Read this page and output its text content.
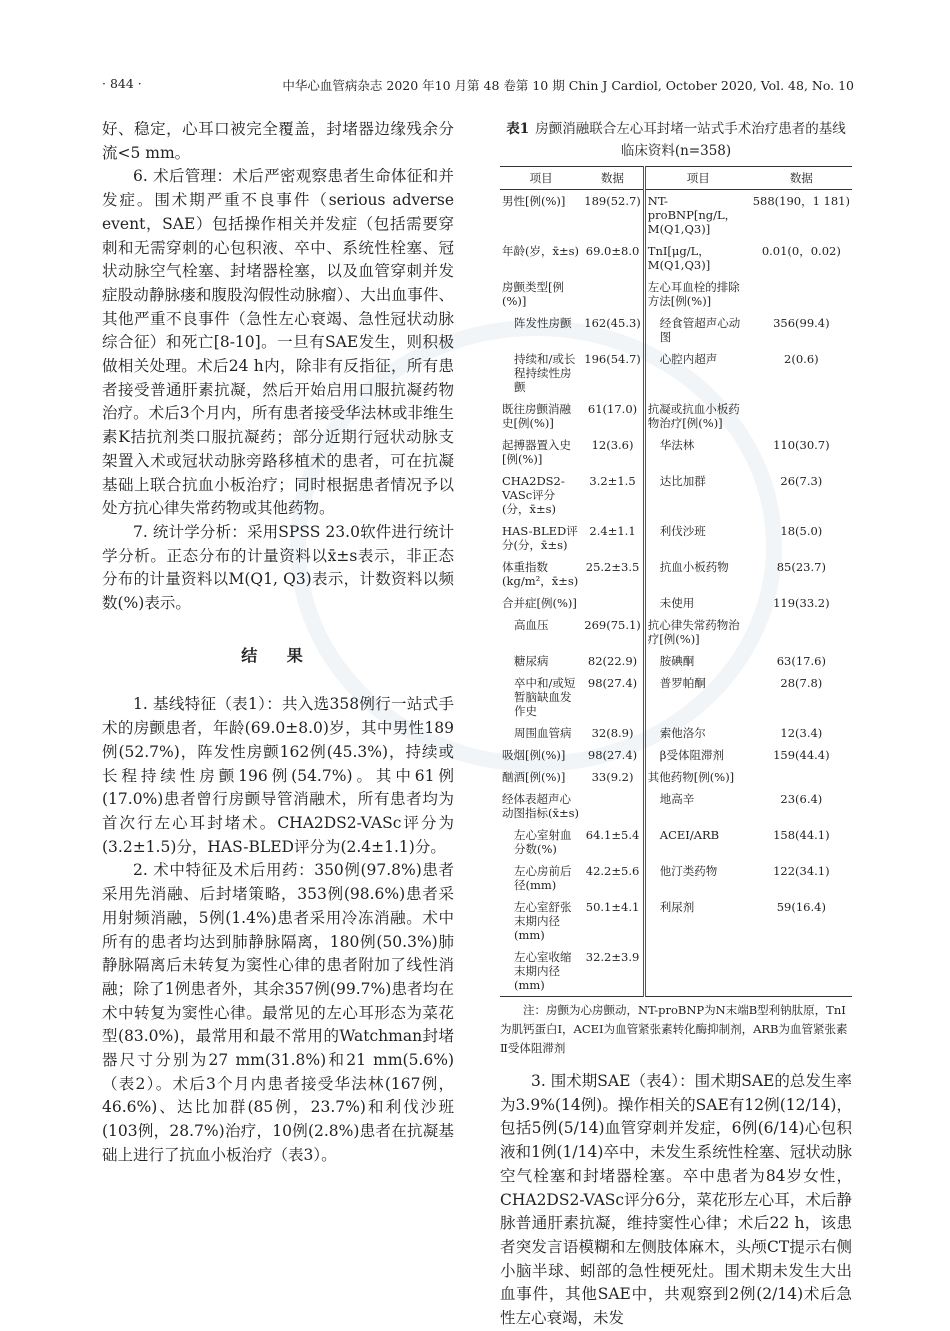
· 844 ·	中华心血管病杂志 2020 年10 月第 48 卷第 10 期 Chin J Cardiol, October 2020, Vol. 48, No. 10

好、稳定，心耳口被完全覆盖，封堵器边缘残余分流<5 mm。

6. 术后管理：术后严密观察患者生命体征和并发症。围术期严重不良事件（serious adverse event，SAE）包括操作相关并发症（包括需要穿刺和无需穿刺的心包积液、卒中、系统性栓塞、冠状动脉空气栓塞、封堵器栓塞，以及血管穿刺并发症股动静脉瘘和腹股沟假性动脉瘤）、大出血事件、其他严重不良事件（急性左心衰竭、急性冠状动脉综合征）和死亡[8-10]。一旦有SAE发生，则积极做相关处理。术后24 h内，除非有反指征，所有患者接受普通肝素抗凝，然后开始启用口服抗凝药物治疗。术后3个月内，所有患者接受华法林或非维生素K拮抗剂类口服抗凝药；部分近期行冠状动脉支架置入术或冠状动脉旁路移植术的患者，可在抗凝基础上联合抗血小板治疗；同时根据患者情况予以处方抗心律失常药物或其他药物。

7. 统计学分析：采用SPSS 23.0软件进行统计学分析。正态分布的计量资料以x̄±s表示，非正态分布的计量资料以M(Q1, Q3)表示，计数资料以频数(%)表示。

结 果

1. 基线特征（表1）：共入选358例行一站式手术的房颤患者，年龄(69.0±8.0)岁，其中男性189例(52.7%)，阵发性房颤162例(45.3%)，持续或长程持续性房颤196例(54.7%)。其中61例(17.0%)患者曾行房颤导管消融术，所有患者均为首次行左心耳封堵术。CHA2DS2-VASc评分为(3.2±1.5)分，HAS-BLED评分为(2.4±1.1)分。

2. 术中特征及术后用药：350例(97.8%)患者采用先消融、后封堵策略，353例(98.6%)患者采用射频消融，5例(1.4%)患者采用冷冻消融。术中所有的患者均达到肺静脉隔离，180例(50.3%)肺静脉隔离后未转复为窦性心律的患者附加了线性消融；除了1例患者外，其余357例(99.7%)患者均在术中转复为窦性心律。最常见的左心耳形态为菜花型(83.0%)，最常用和最不常用的Watchman封堵器尺寸分别为27 mm(31.8%)和21 mm(5.6%)（表2）。术后3个月内患者接受华法林(167例，46.6%)、达比加群(85例，23.7%)和利伐沙班(103例，28.7%)治疗，10例(2.8%)患者在抗凝基础上进行了抗血小板治疗（表3）。

表1 房颤消融联合左心耳封堵一站式手术治疗患者的基线临床资料(n=358)
项目	数据	项目	数据
男性[例(%)]	189(52.7)	NT-proBNP[ng/L，M(Q1,Q3)]	588(190，1 181)
年龄(岁，x̄±s)	69.0±8.0	TnI[μg/L，M(Q1,Q3)]	0.01(0，0.02)
房颤类型[例(%)]		左心耳血栓的排除方法[例(%)]	
阵发性房颤	162(45.3)	经食管超声心动图	356(99.4)
持续和/或长程持续性房颤	196(54.7)	心腔内超声	2(0.6)
既往房颤消融史[例(%)]	61(17.0)	抗凝或抗血小板药物治疗[例(%)]	
起搏器置入史[例(%)]	12(3.6)	华法林	110(30.7)
CHA2DS2-VASc评分(分，x̄±s)	3.2±1.5	达比加群	26(7.3)
HAS-BLED评分(分，x̄±s)	2.4±1.1	利伐沙班	18(5.0)
体重指数(kg/m²，x̄±s)	25.2±3.5	抗血小板药物	85(23.7)
合并症[例(%)]		未使用	119(33.2)
高血压	269(75.1)	抗心律失常药物治疗[例(%)]	
糖尿病	82(22.9)	胺碘酮	63(17.6)
卒中和/或短暂脑缺血发作史	98(27.4)	普罗帕酮	28(7.8)
周围血管病	32(8.9)	索他洛尔	12(3.4)
吸烟[例(%)]	98(27.4)	β受体阻滞剂	159(44.4)
酗酒[例(%)]	33(9.2)	其他药物[例(%)]	
经体表超声心动图指标(x̄±s)		地高辛	23(6.4)
左心室射血分数(%)	64.1±5.4	ACEI/ARB	158(44.1)
左心房前后径(mm)	42.2±5.6	他汀类药物	122(34.1)
左心室舒张末期内径(mm)	50.1±4.1	利尿剂	59(16.4)
左心室收缩末期内径(mm)	32.2±3.9		
注：房颤为心房颤动，NT-proBNP为N末端B型利钠肽原，TnI为肌钙蛋白I，ACEI为血管紧张素转化酶抑制剂，ARB为血管紧张素Ⅱ受体阻滞剂

3. 围术期SAE（表4）：围术期SAE的总发生率为3.9%(14例)。操作相关的SAE有12例(12/14)，包括5例(5/14)血管穿刺并发症，6例(6/14)心包积液和1例(1/14)卒中，未发生系统性栓塞、冠状动脉空气栓塞和封堵器栓塞。卒中患者为84岁女性，CHA2DS2-VASc评分6分，菜花形左心耳，术后静脉普通肝素抗凝，维持窦性心律；术后22 h，该患者突发言语模糊和左侧肢体麻木，头颅CT提示右侧小脑半球、蚓部的急性梗死灶。围术期未发生大出血事件，其他SAE中，共观察到2例(2/14)术后急性左心衰竭，未发
